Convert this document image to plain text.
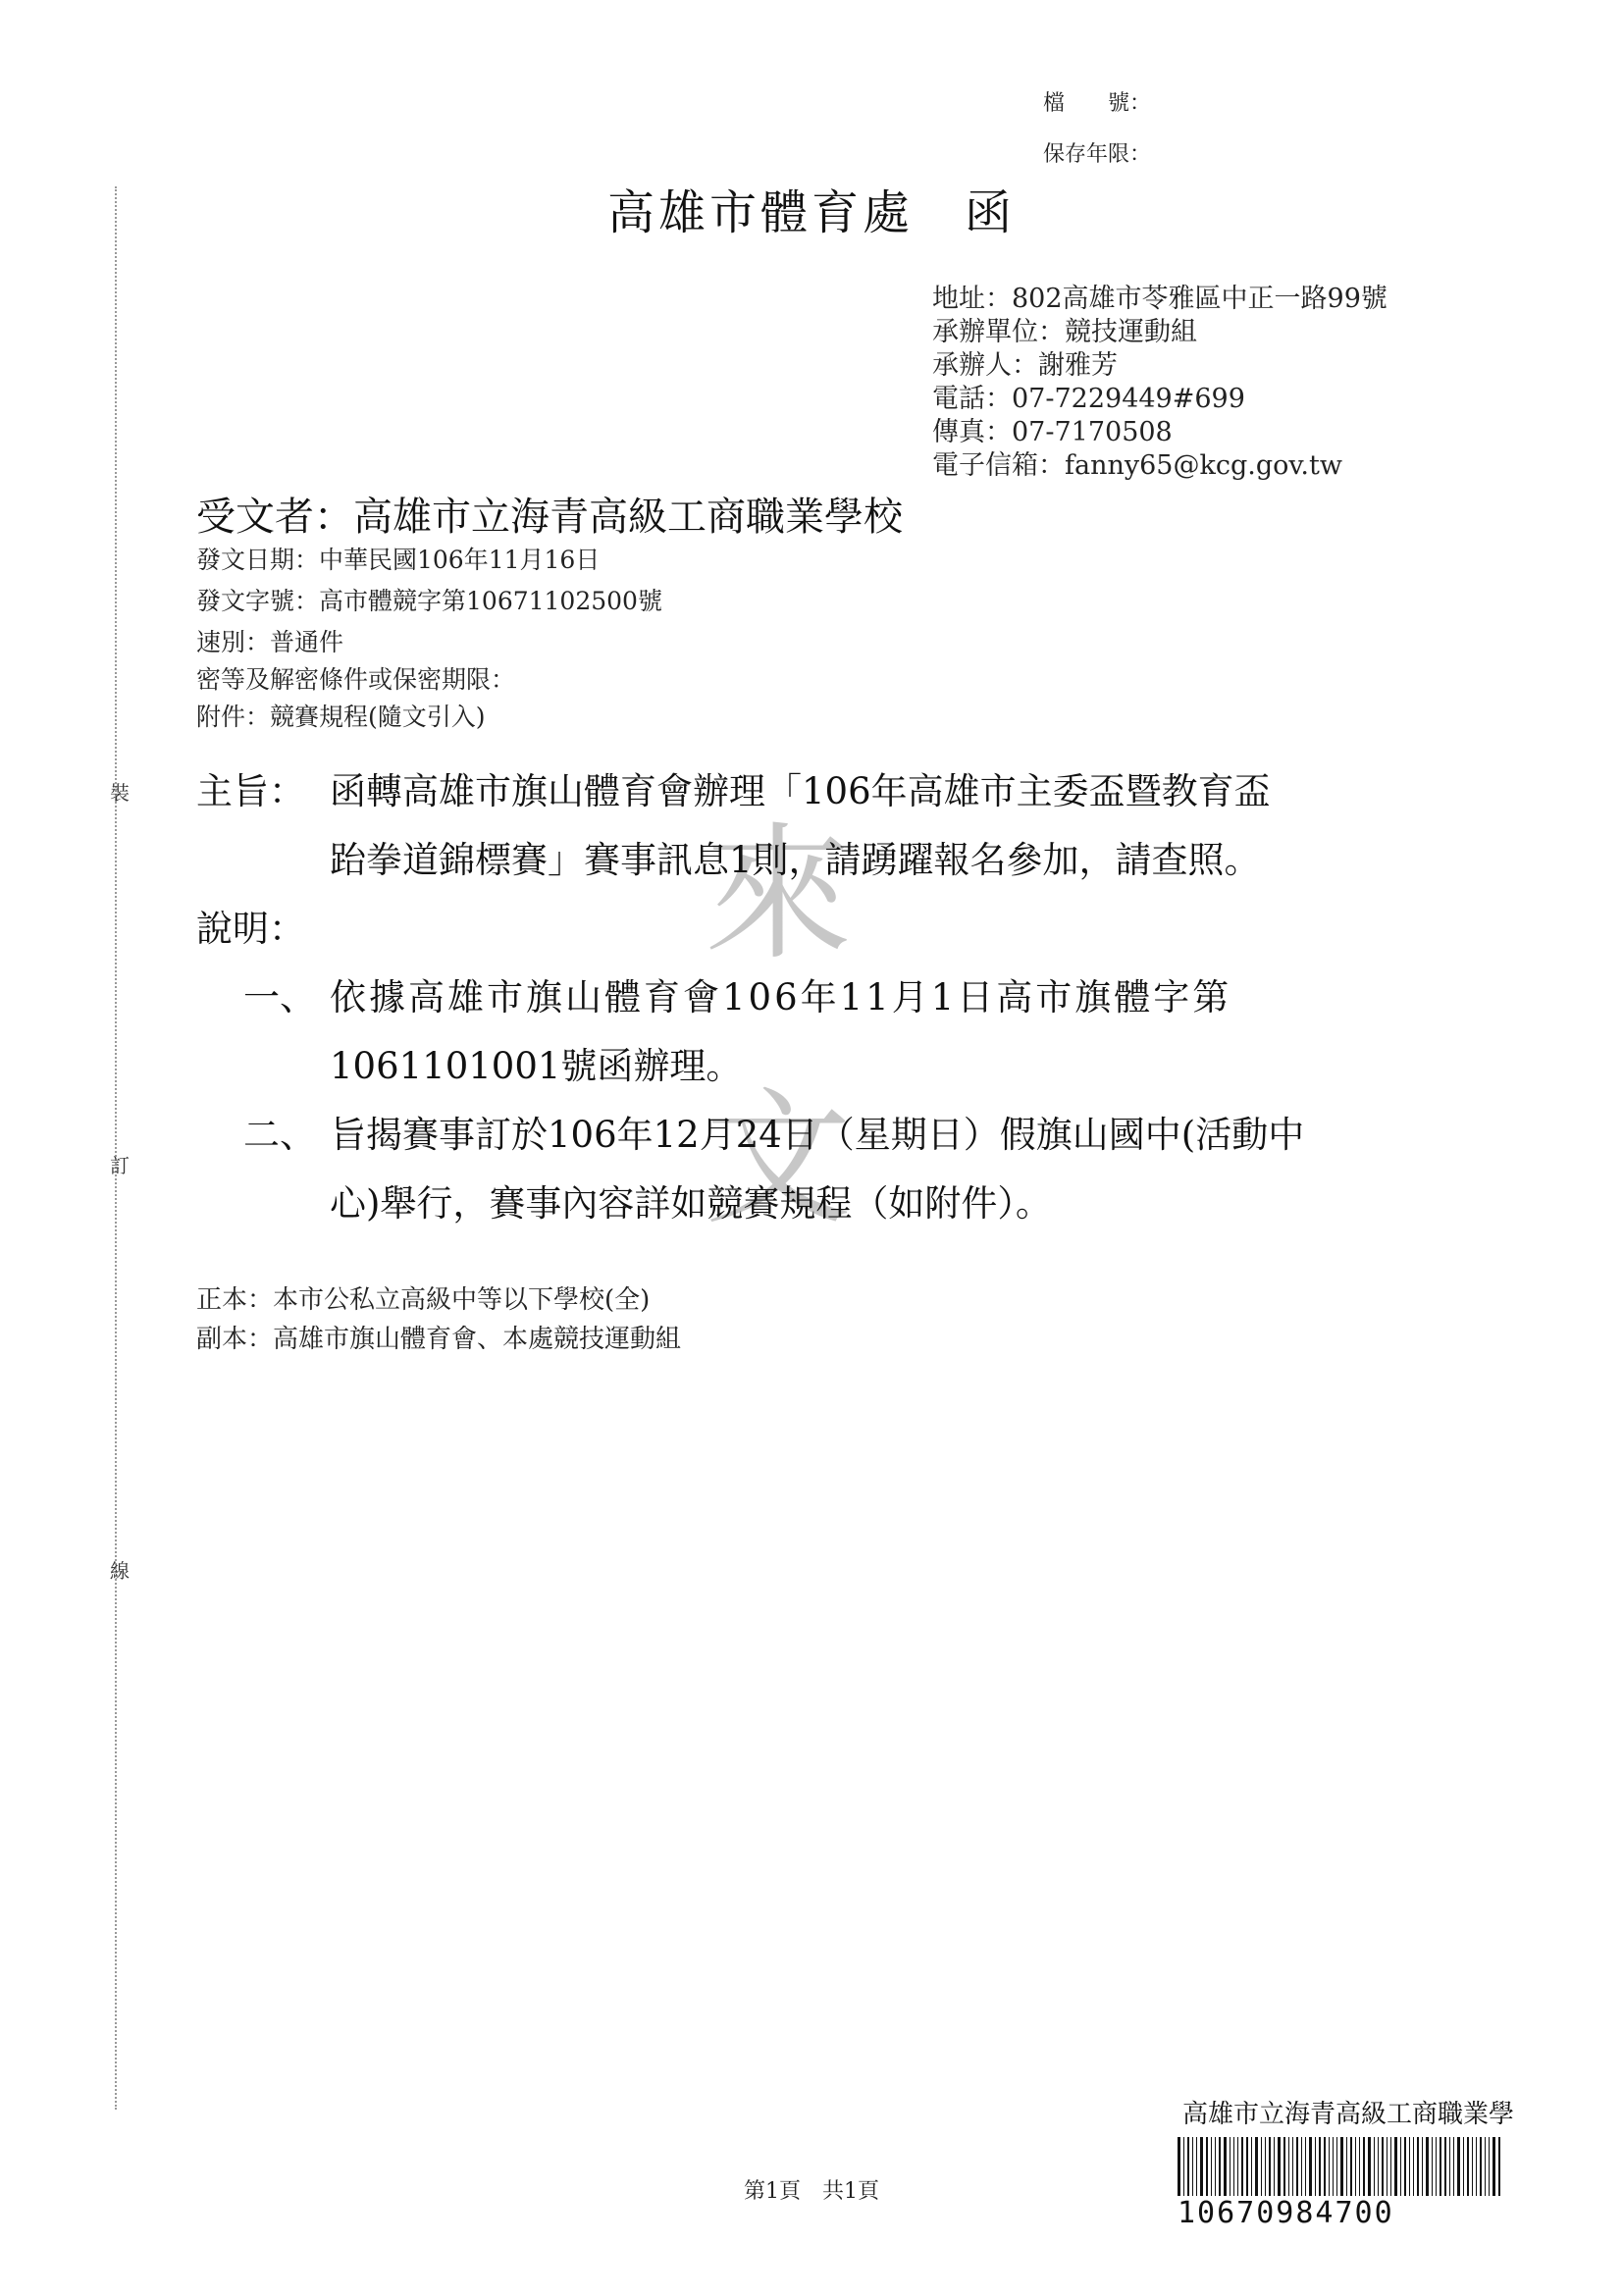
裝
訂
線
檔　　號：
保存年限：
高雄市體育處　函
地址：802高雄市苓雅區中正一路99號
承辦單位：競技運動組
承辦人：謝雅芳
電話：07-7229449#699
傳真：07-7170508
電子信箱：fanny65@kcg.gov.tw
受文者：高雄市立海青高級工商職業學校
發文日期：中華民國106年11月16日
發文字號：高市體競字第10671102500號
速別：普通件
密等及解密條件或保密期限：
附件：競賽規程(隨文引入)
來
文
主旨： 函轉高雄市旗山體育會辦理「106年高雄市主委盃暨教育盃
跆拳道錦標賽」賽事訊息1則，請踴躍報名參加，請查照。
說明：
一、 依據高雄市旗山體育會106年11月1日高市旗體字第
1061101001號函辦理。
二、 旨揭賽事訂於106年12月24日（星期日）假旗山國中(活動中
心)舉行，賽事內容詳如競賽規程（如附件）。
正本：本市公私立高級中等以下學校(全)
副本：高雄市旗山體育會、本處競技運動組
第1頁　共1頁
高雄市立海青高級工商職業學
10670984700
